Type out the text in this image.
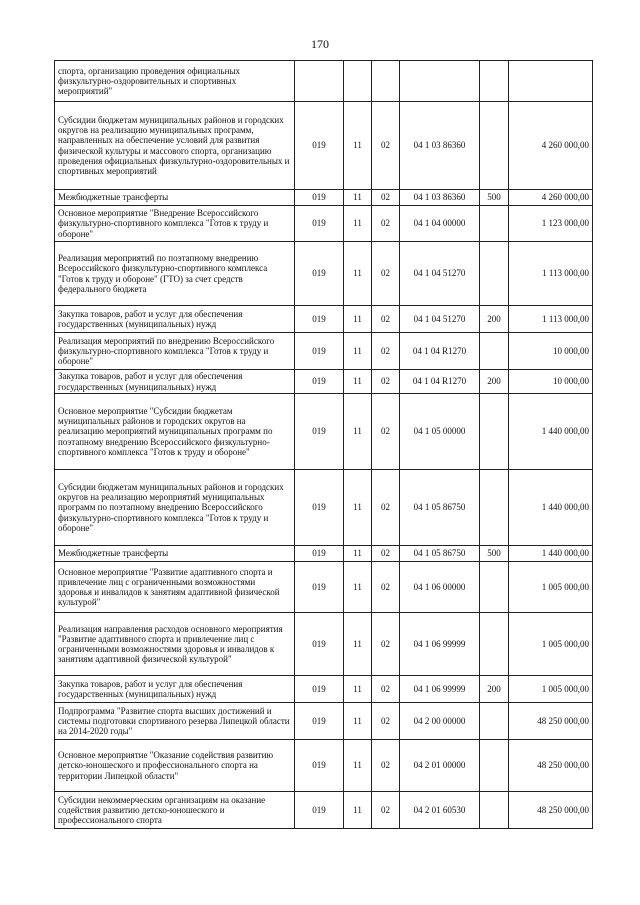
170
спорта, организацию проведения официальных физкультурно-оздоровительных и спортивных мероприятий"						
Субсидии бюджетам муниципальных районов и городских округов на реализацию муниципальных программ, направленных на обеспечение условий для развития физической культуры и массового спорта, организацию проведения официальных физкультурно-оздоровительных и спортивных мероприятий	019	11	02	04 1 03 86360		4 260 000,00
Межбюджетные трансферты	019	11	02	04 1 03 86360	500	4 260 000,00
Основное мероприятие "Внедрение Всероссийского физкультурно-спортивного комплекса "Готов к труду и обороне"	019	11	02	04 1 04 00000		1 123 000,00
Реализация мероприятий по поэтапному внедрению Всероссийского физкультурно-спортивного комплекса "Готов к труду и обороне" (ГТО) за счет средств федерального бюджета	019	11	02	04 1 04 51270		1 113 000,00
Закупка товаров, работ и услуг для обеспечения государственных (муниципальных) нужд	019	11	02	04 1 04 51270	200	1 113 000,00
Реализация мероприятий по внедрению Всероссийского физкультурно-спортивного комплекса "Готов к труду и обороне"	019	11	02	04 1 04 R1270		10 000,00
Закупка товаров, работ и услуг для обеспечения государственных (муниципальных) нужд	019	11	02	04 1 04 R1270	200	10 000,00
Основное мероприятие "Субсидии бюджетам муниципальных районов и городских округов на реализацию мероприятий муниципальных программ по поэтапному внедрению Всероссийского физкультурно-спортивного комплекса "Готов к труду и обороне"	019	11	02	04 1 05 00000		1 440 000,00
Субсидии бюджетам муниципальных районов и городских округов на реализацию мероприятий муниципальных программ по поэтапному внедрению Всероссийского физкультурно-спортивного комплекса "Готов к труду и обороне"	019	11	02	04 1 05 86750		1 440 000,00
Межбюджетные трансферты	019	11	02	04 1 05 86750	500	1 440 000,00
Основное мероприятие "Развитие адаптивного спорта и привлечение лиц с ограниченными возможностями здоровья и инвалидов к занятиям адаптивной физической культурой"	019	11	02	04 1 06 00000		1 005 000,00
Реализация направления расходов основного мероприятия "Развитие адаптивного спорта и привлечение лиц с ограниченными возможностями здоровья и инвалидов к занятиям адаптивной физической культурой"	019	11	02	04 1 06 99999		1 005 000,00
Закупка товаров, работ и услуг для обеспечения государственных (муниципальных) нужд	019	11	02	04 1 06 99999	200	1 005 000,00
Подпрограмма "Развитие спорта высших достижений и системы подготовки спортивного резерва Липецкой области на 2014-2020 годы"	019	11	02	04 2 00 00000		48 250 000,00
Основное мероприятие "Оказание содействия развитию детско-юношеского и профессионального спорта на территории Липецкой области"	019	11	02	04 2 01 00000		48 250 000,00
Субсидии некоммерческим организациям на оказание содействия развитию детско-юношеского и профессионального спорта	019	11	02	04 2 01 60530		48 250 000,00
